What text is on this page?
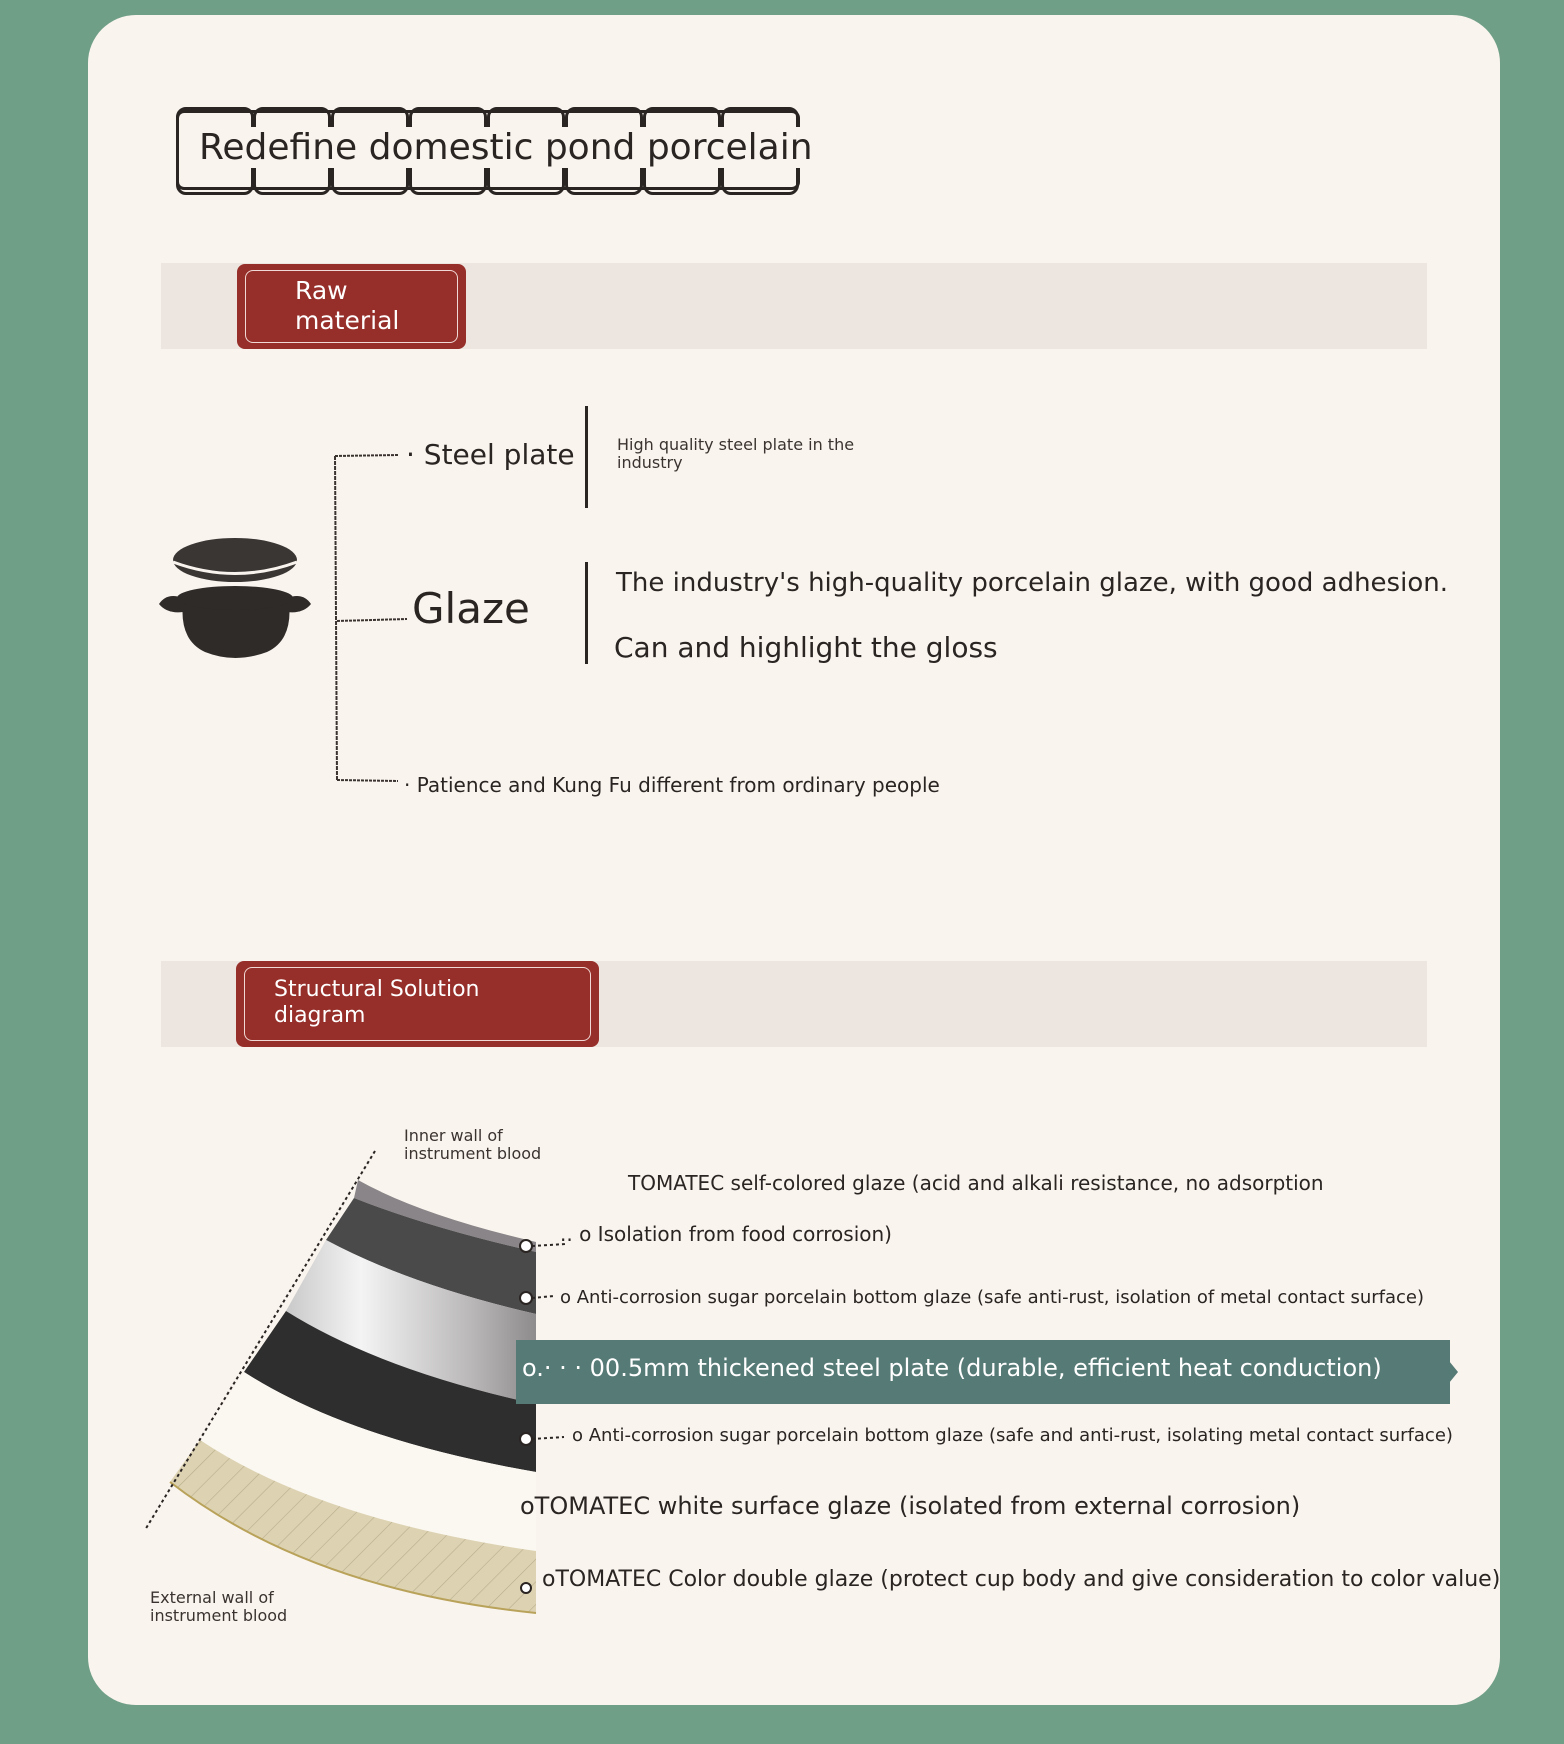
Redefine domestic pond porcelain
Raw
material
· Steel plate	High quality steel plate in the
industry
Glaze
The industry's high-quality porcelain glaze, with good adhesion.
Can and highlight the gloss
· Patience and Kung Fu different from ordinary people
Structural Solution
diagram
Inner wall of
instrument blood
External wall of
instrument blood
TOMATEC self-colored glaze (acid and alkali resistance, no adsorption
.. o Isolation from food corrosion)
o Anti-corrosion sugar porcelain bottom glaze (safe anti-rust, isolation of metal contact surface)
o.· · · 00.5mm thickened steel plate (durable, efficient heat conduction)
o Anti-corrosion sugar porcelain bottom glaze (safe and anti-rust, isolating metal contact surface)
oTOMATEC white surface glaze (isolated from external corrosion)
oTOMATEC Color double glaze (protect cup body and give consideration to color value)
